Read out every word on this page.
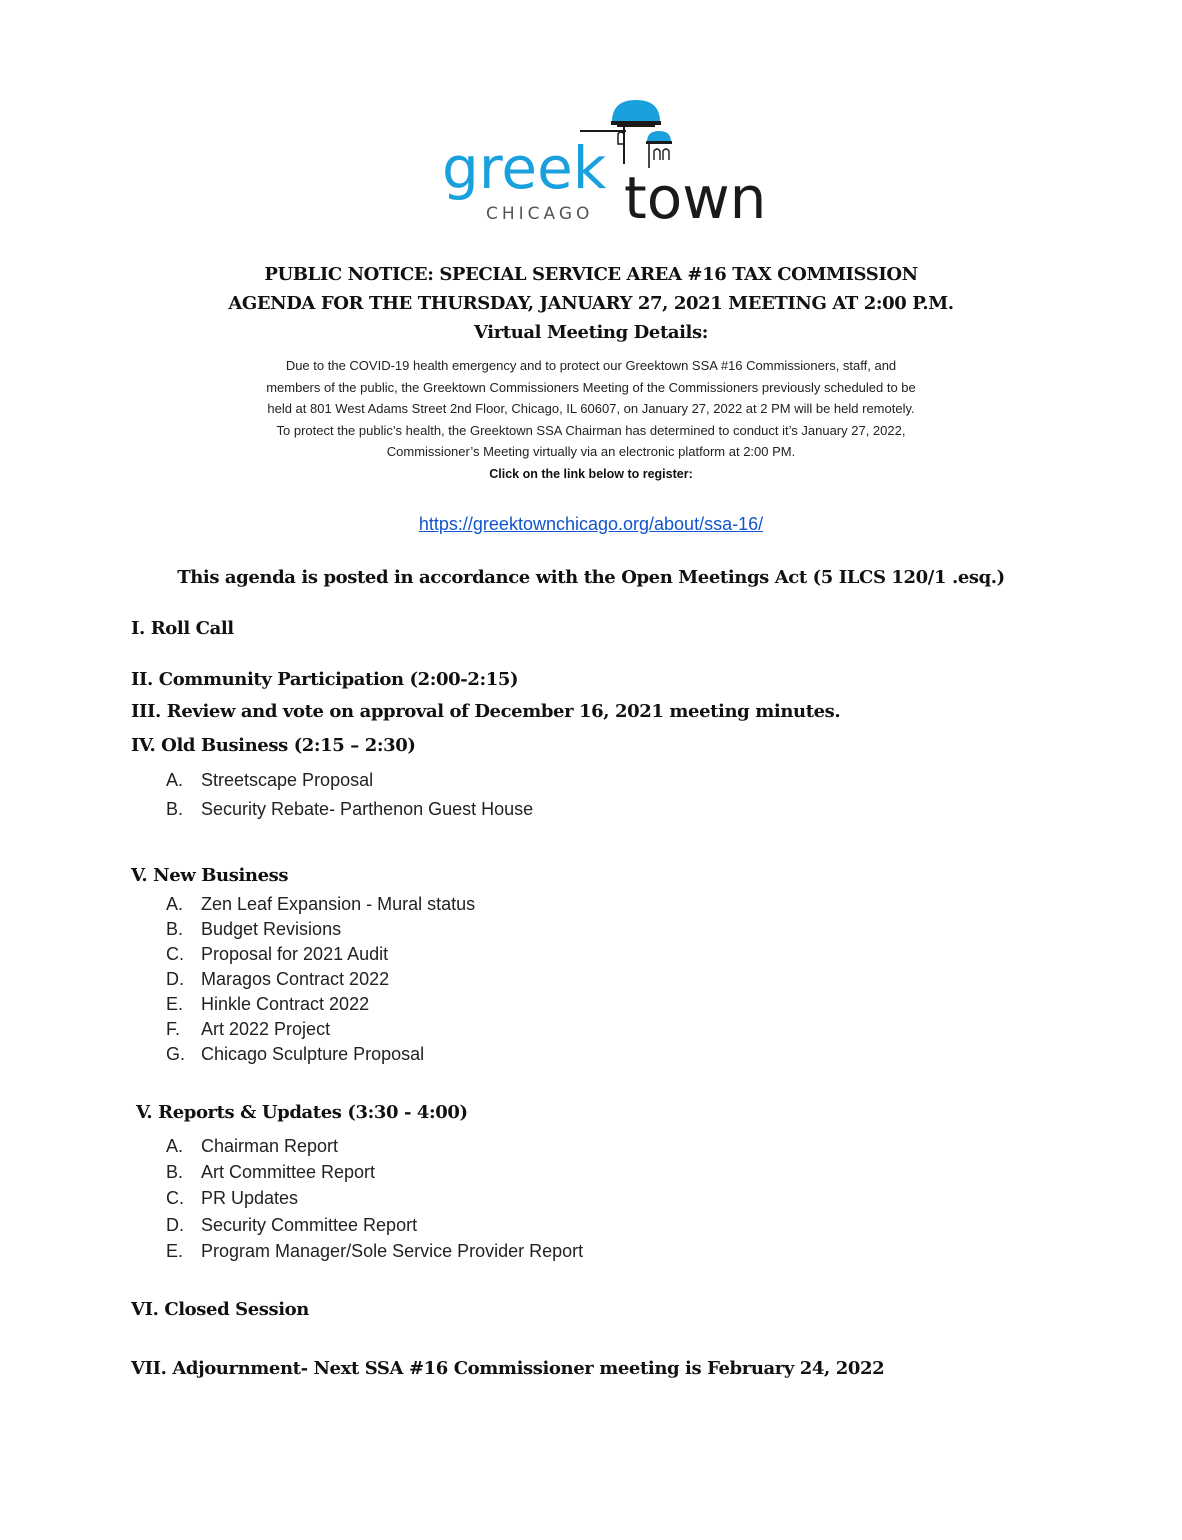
greek town
CHICAGO
PUBLIC NOTICE: SPECIAL SERVICE AREA #16 TAX COMMISSION
AGENDA FOR THE THURSDAY, JANUARY 27, 2021 MEETING AT 2:00 P.M.
Virtual Meeting Details:

Due to the COVID-19 health emergency and to protect our Greektown SSA #16 Commissioners, staff, and

members of the public, the Greektown Commissioners Meeting of the Commissioners previously scheduled to be

held at 801 West Adams Street 2nd Floor, Chicago, IL 60607, on January 27, 2022 at 2 PM will be held remotely.

To protect the public’s health, the Greektown SSA Chairman has determined to conduct it’s January 27, 2022,

Commissioner’s Meeting virtually via an electronic platform at 2:00 PM.

Click on the link below to register:
https://greektownchicago.org/about/ssa-16/
This agenda is posted in accordance with the Open Meetings Act (5 ILCS 120/1 .esq.)
I. Roll Call
II. Community Participation (2:00-2:15)
III. Review and vote on approval of December 16, 2021 meeting minutes.
IV. Old Business (2:15 – 2:30)
A. Streetscape Proposal
B. Security Rebate- Parthenon Guest House
V. New Business
A. Zen Leaf Expansion - Mural status
B. Budget Revisions
C. Proposal for 2021 Audit
D. Maragos Contract 2022
E. Hinkle Contract 2022
F.	Art 2022 Project
G. Chicago Sculpture Proposal
V. Reports & Updates (3:30 - 4:00)
A. Chairman Report
B. Art Committee Report
C. PR Updates
D. Security Committee Report
E. Program Manager/Sole Service Provider Report
VI. Closed Session
VII. Adjournment- Next SSA #16 Commissioner meeting is February 24, 2022
